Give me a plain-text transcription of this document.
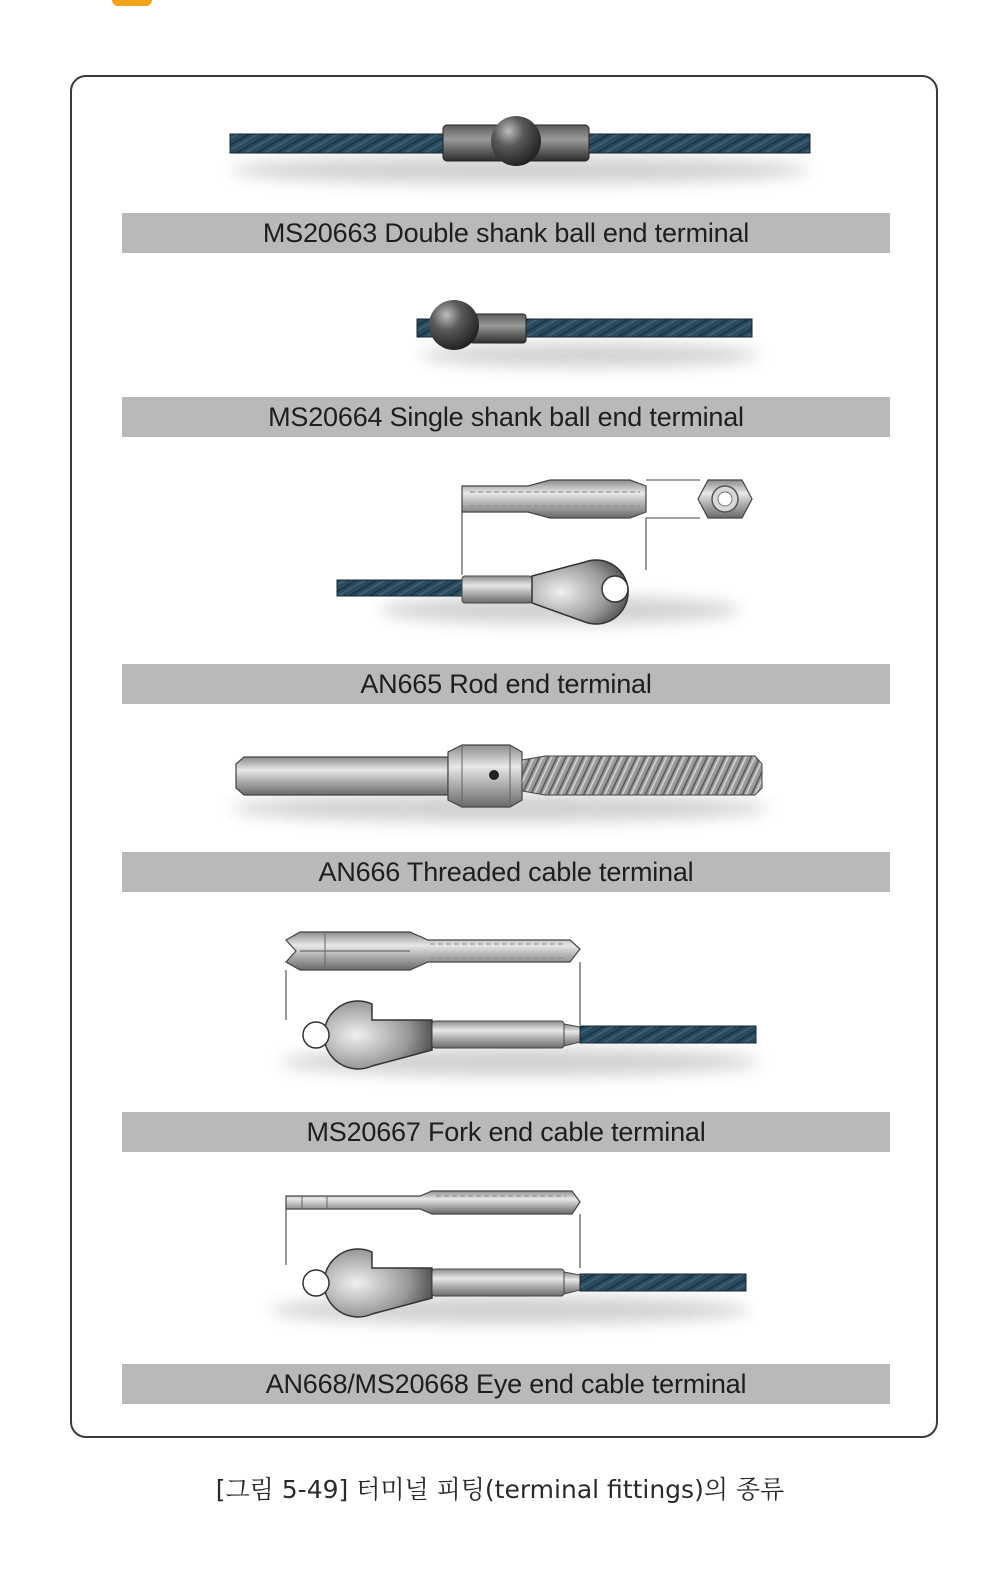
MS20663 Double shank ball end terminal
MS20664 Single shank ball end terminal
AN665 Rod end terminal
AN666 Threaded cable terminal
MS20667 Fork end cable terminal
AN668/MS20668 Eye end cable terminal
[그림 5-49] 터미널 피팅(terminal fittings)의 종류
